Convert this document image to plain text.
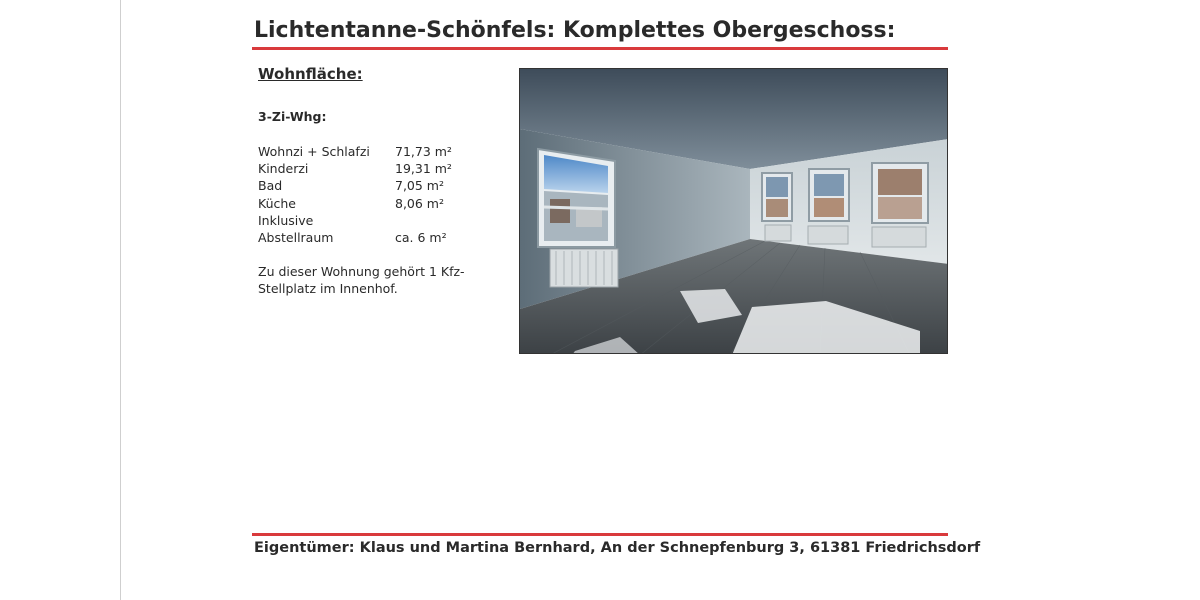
Lichtentanne-Schönfels: Komplettes Obergeschoss:
Wohnfläche:
3-Zi-Whg:
Wohnzi + Schlafzi	71,73 m²
Kinderzi	19,31 m²
Bad	7,05 m²
Küche	8,06 m²
Inklusive
Abstellraum	ca. 6 m²
Zu dieser Wohnung gehört 1 Kfz-Stellplatz im Innenhof.
Eigentümer: Klaus und Martina Bernhard, An der Schnepfenburg 3, 61381 Friedrichsdorf
